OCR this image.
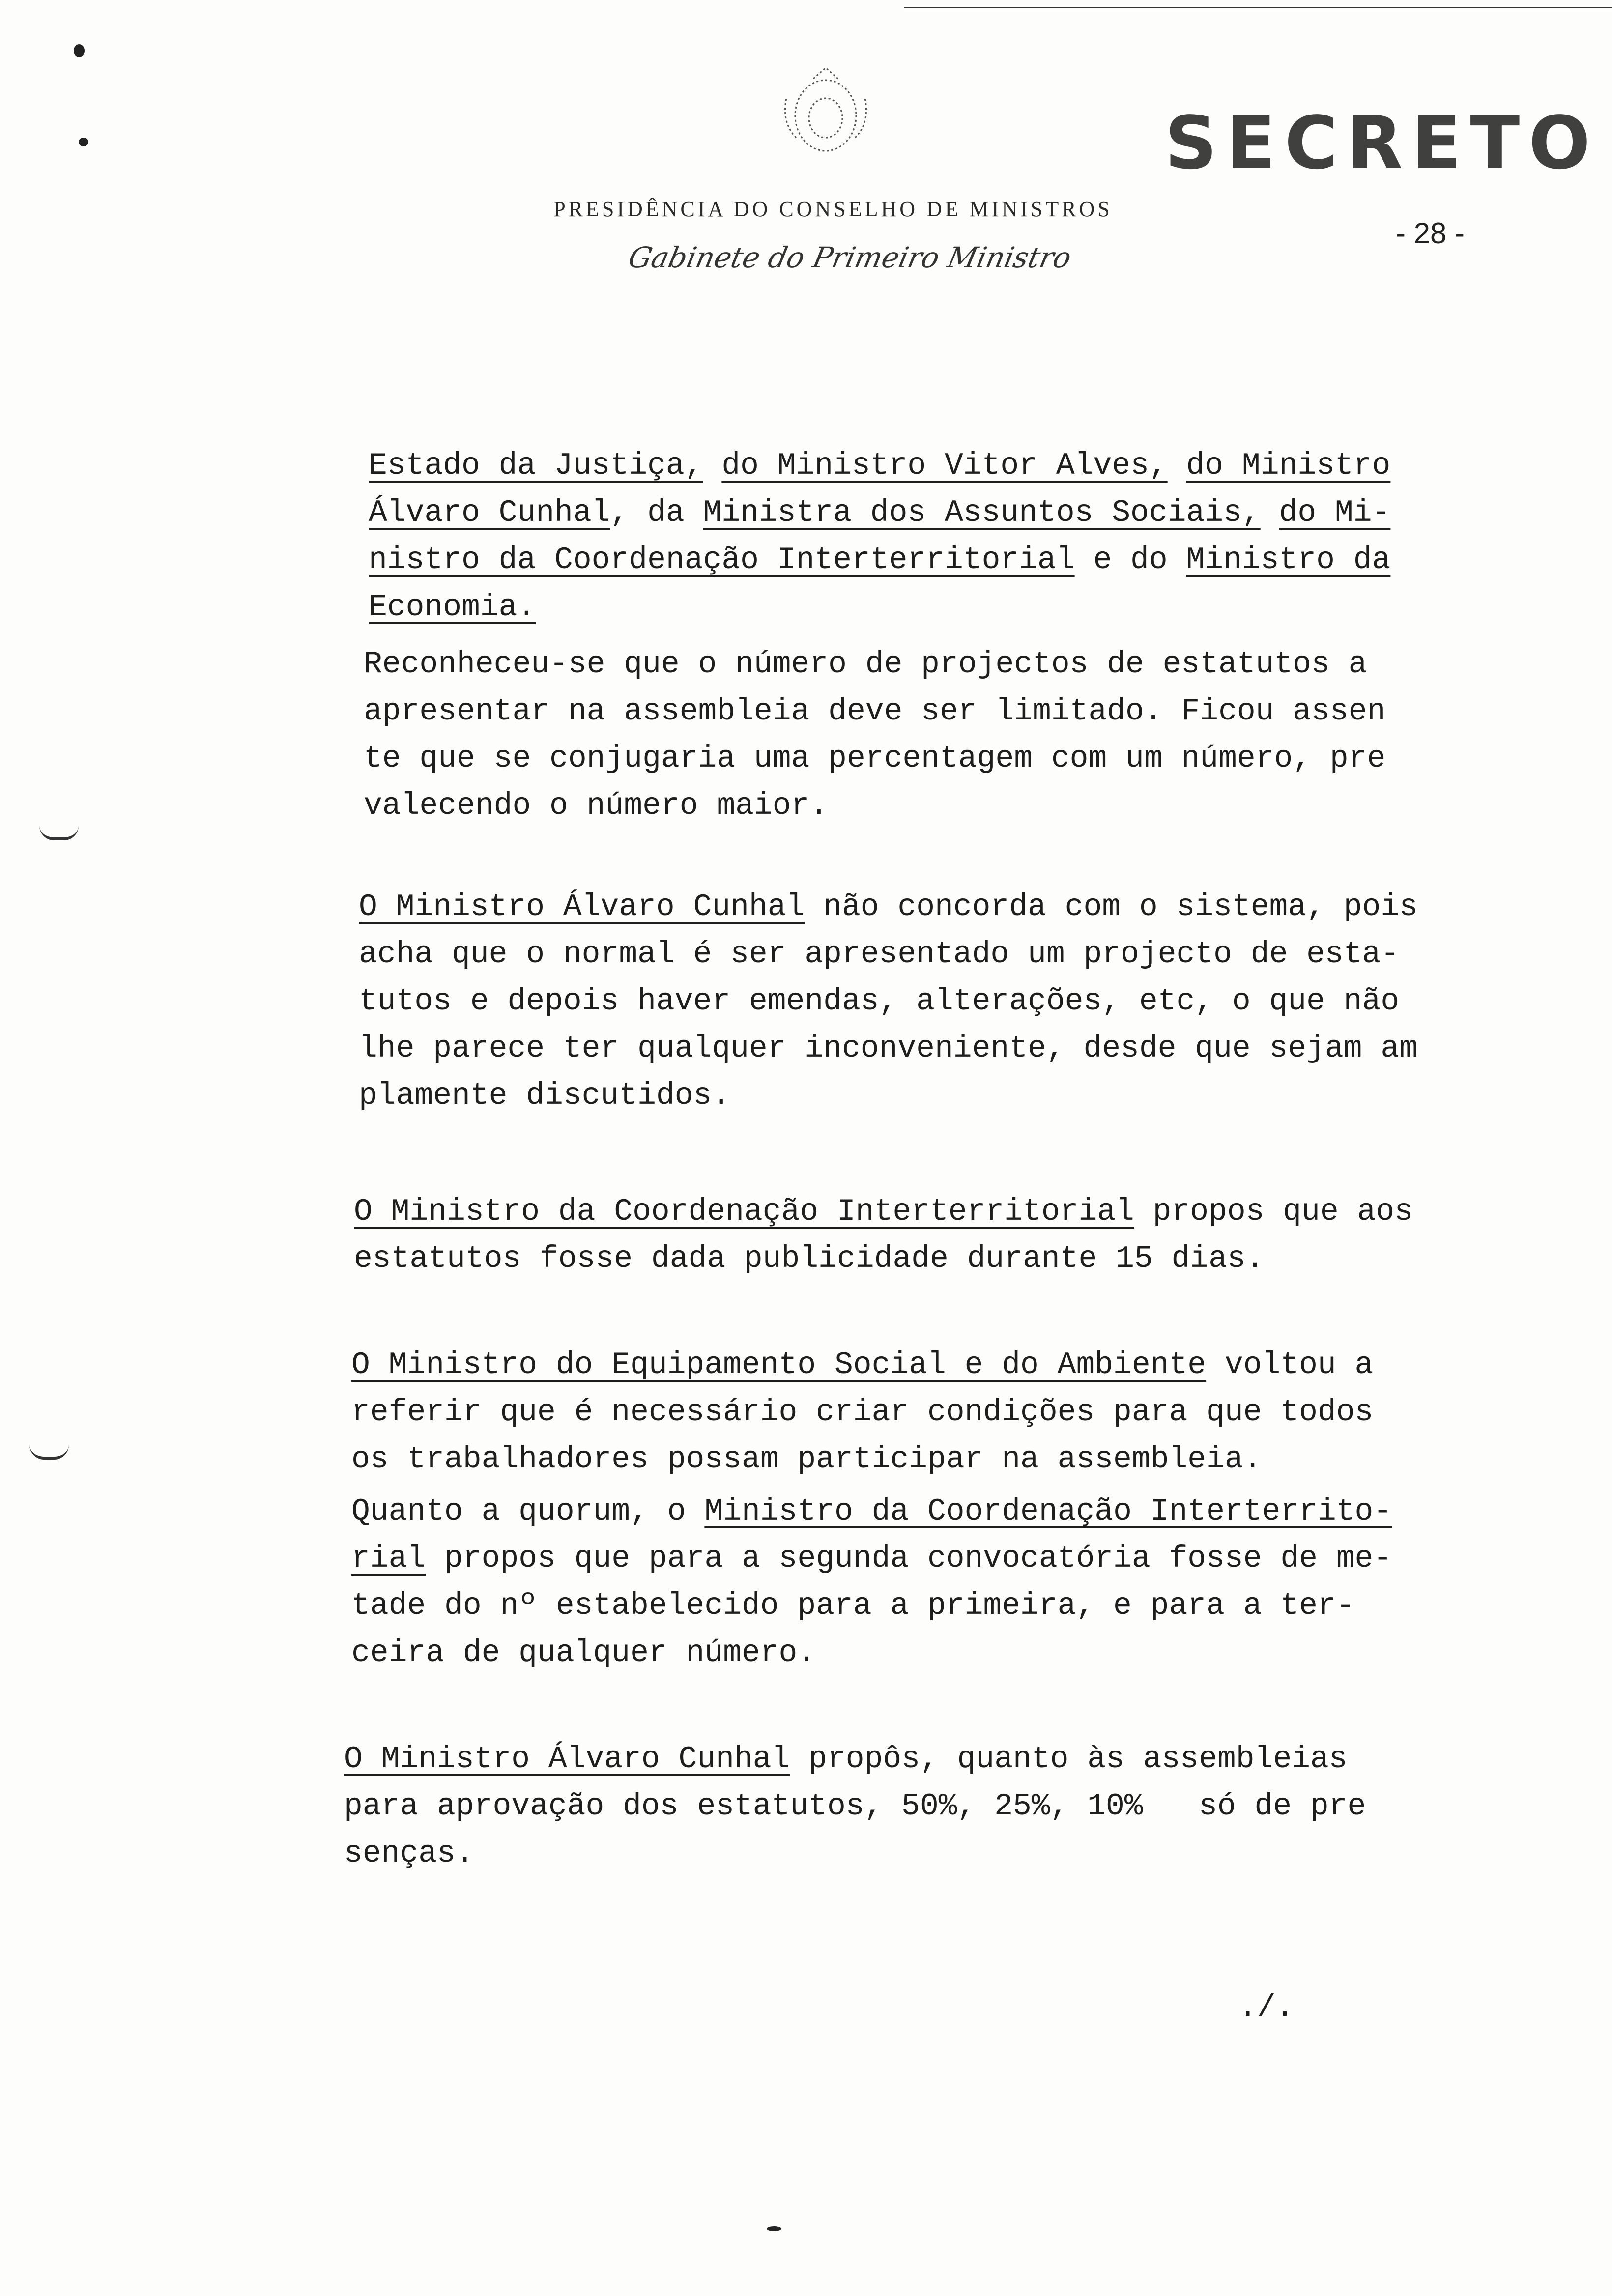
PRESIDÊNCIA DO CONSELHO DE MINISTROS
Gabinete do Primeiro Ministro
SECRETO
- 28 -

Estado da Justiça, do Ministro Vitor Alves, do Ministro
Álvaro Cunhal, da Ministra dos Assuntos Sociais, do Mi-
nistro da Coordenação Interterritorial e do Ministro da
Economia.

Reconheceu-se que o número de projectos de estatutos a
apresentar na assembleia deve ser limitado. Ficou assen
te que se conjugaria uma percentagem com um número, pre
valecendo o número maior.

O Ministro Álvaro Cunhal não concorda com o sistema, pois
acha que o normal é ser apresentado um projecto de esta-
tutos e depois haver emendas, alterações, etc, o que não
lhe parece ter qualquer inconveniente, desde que sejam am
plamente discutidos.

O Ministro da Coordenação Interterritorial propos que aos
estatutos fosse dada publicidade durante 15 dias.

O Ministro do Equipamento Social e do Ambiente voltou a
referir que é necessário criar condições para que todos
os trabalhadores possam participar na assembleia.

Quanto a quorum, o Ministro da Coordenação Interterrito-
rial propos que para a segunda convocatória fosse de me-
tade do nº estabelecido para a primeira, e para a ter-
ceira de qualquer número.

O Ministro Álvaro Cunhal propôs, quanto às assembleias
para aprovação dos estatutos, 50%, 25%, 10%   só de pre
senças.

./.
